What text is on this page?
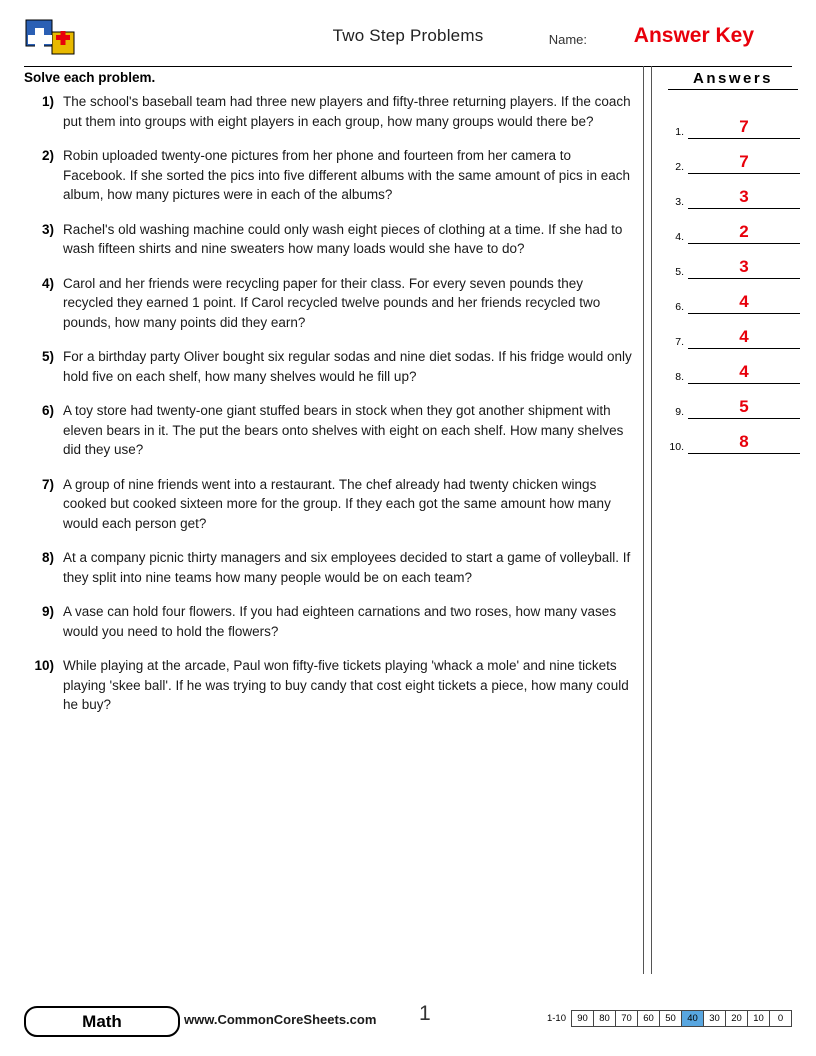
Two Step Problems	Name: Answer Key
Solve each problem.	Answers
1) The school's baseball team had three new players and fifty-three returning players. If the coach put them into groups with eight players in each group, how many groups would there be?
2) Robin uploaded twenty-one pictures from her phone and fourteen from her camera to Facebook. If she sorted the pics into five different albums with the same amount of pics in each album, how many pictures were in each of the albums?
3) Rachel's old washing machine could only wash eight pieces of clothing at a time. If she had to wash fifteen shirts and nine sweaters how many loads would she have to do?
4) Carol and her friends were recycling paper for their class. For every seven pounds they recycled they earned 1 point. If Carol recycled twelve pounds and her friends recycled two pounds, how many points did they earn?
5) For a birthday party Oliver bought six regular sodas and nine diet sodas. If his fridge would only hold five on each shelf, how many shelves would he fill up?
6) A toy store had twenty-one giant stuffed bears in stock when they got another shipment with eleven bears in it. The put the bears onto shelves with eight on each shelf. How many shelves did they use?
7) A group of nine friends went into a restaurant. The chef already had twenty chicken wings cooked but cooked sixteen more for the group. If they each got the same amount how many would each person get?
8) At a company picnic thirty managers and six employees decided to start a game of volleyball. If they split into nine teams how many people would be on each team?
9) A vase can hold four flowers. If you had eighteen carnations and two roses, how many vases would you need to hold the flowers?
10) While playing at the arcade, Paul won fifty-five tickets playing 'whack a mole' and nine tickets playing 'skee ball'. If he was trying to buy candy that cost eight tickets a piece, how many could he buy?
1.	7
2.	7
3.	3
4.	2
5.	3
6.	4
7.	4
8.	4
9.	5
10.	8
Math	www.CommonCoreSheets.com 1	1-10	90	80	70	60	50	40	30	20	10	0
